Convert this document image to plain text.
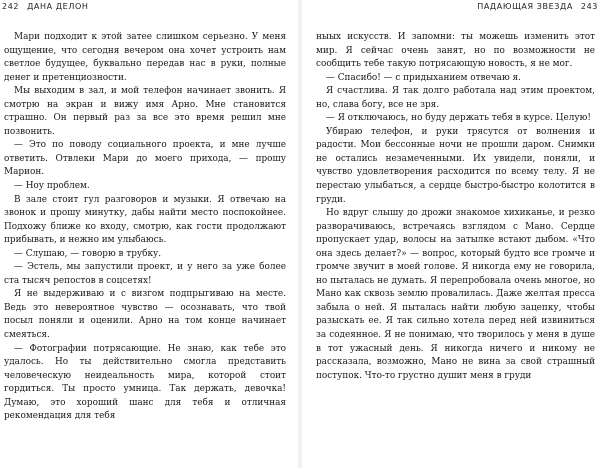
242 ДАНА ДЕЛОН

Мари подходит к этой затее слишком серьезно. У меня ощущение, что сегодня вечером она хочет устроить нам светлое будущее, буквально передав нас в руки, полные денег и претенциозности.

Мы выходим в зал, и мой телефон начинает звонить. Я смотрю на экран и вижу имя Арно. Мне становится страшно. Он первый раз за все это время решил мне позвонить.

— Это по поводу социального проекта, и мне лучше ответить. Отвлеки Мари до моего прихода, — прошу Марион.

— Ноу проблем.

В зале стоит гул разговоров и музыки. Я отвечаю на звонок и прошу минутку, дабы найти место поспокойнее. Подхожу ближе ко входу, смотрю, как гости продолжают прибывать, и нежно им улыбаюсь.

— Слушаю, — говорю в трубку.

— Эстель, мы запустили проект, и у него за уже более ста тысяч репостов в соцсетях!

Я не выдерживаю и с визгом подпрыгиваю на месте. Ведь это невероятное чувство — осознавать, что твой посыл поняли и оценили. Арно на том конце начинает смеяться.

— Фотографии потрясающие. Не знаю, как тебе это удалось. Но ты действительно смогла представить человеческую неидеальность мира, которой стоит гордиться. Ты просто умница. Так держать, девочка! Думаю, это хороший шанс для тебя и отличная рекомендация для тебя

ПАДАЮЩАЯ ЗВЕЗДА 243

ныых искусств. И запомни: ты можешь изменить этот мир. Я сейчас очень занят, но по возможности не сообщить тебе такую потрясающую новость, я не мог.

— Спасибо! — с придыханием отвечаю я.

Я счастлива. Я так долго работала над этим проектом, но, слава богу, все не зря.

— Я отключаюсь, но буду держать тебя в курсе. Целую!

Убираю телефон, и руки трясутся от волнения и радости. Мои бессонные ночи не прошли даром. Снимки не остались незамеченными. Их увидели, поняли, и чувство удовлетворения расходится по всему телу. Я не перестаю улыбаться, а сердце быстро-быстро колотится в груди.

Но вдруг слышу до дрожи знакомое хихиканье, и резко разворачиваюсь, встречаясь взглядом с Мано. Сердце пропускает удар, волосы на затылке встают дыбом. «Что она здесь делает?» — вопрос, который будто все громче и громче звучит в моей голове. Я никогда ему не говорила, но пыталась не думать. Я перепробовала очень многое, но Мано как сквозь землю провалилась. Даже желтая пресса забыла о ней. Я пыталась найти любую зацепку, чтобы разыскать ее. Я так сильно хотела перед ней извиниться за содеянное. Я не понимаю, что творилось у меня в душе в тот ужасный день. Я никогда ничего и никому не рассказала, возможно, Мано не вина за свой страшный поступок. Что-то грустно душит меня в груди
